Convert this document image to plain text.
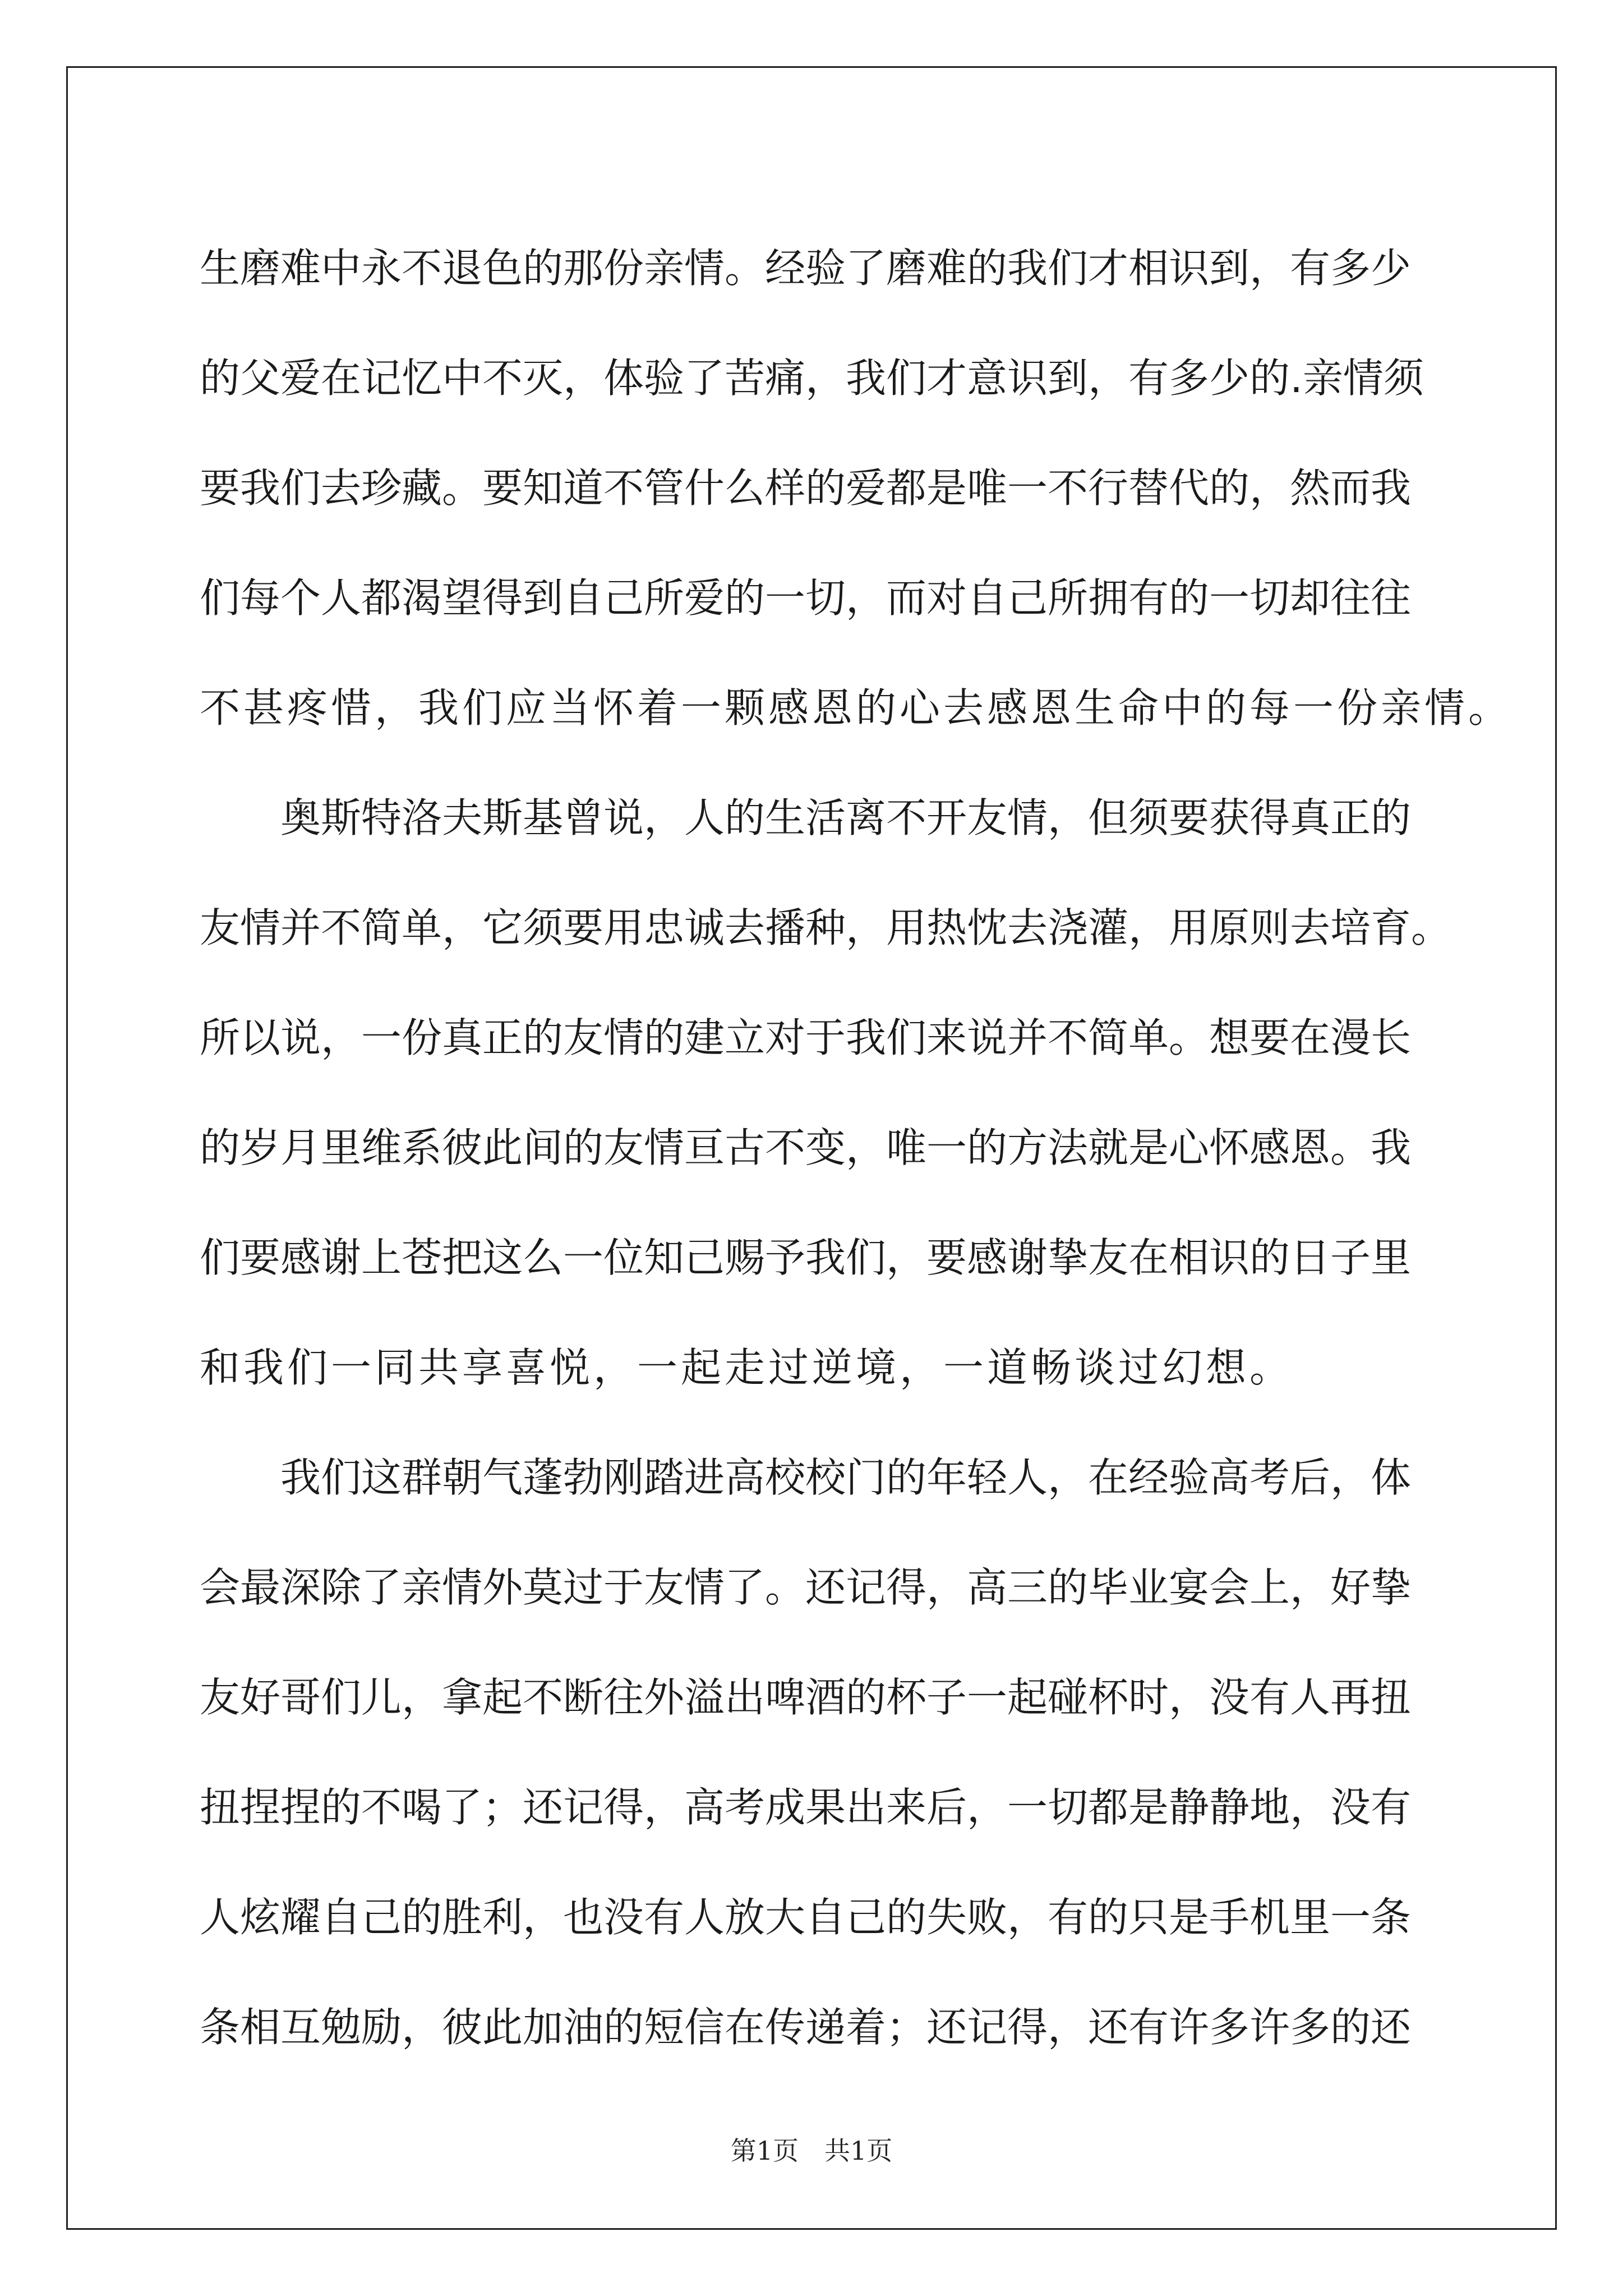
生磨难中永不退色的那份亲情。经验了磨难的我们才相识到，有多少
的父爱在记忆中不灭，体验了苦痛，我们才意识到，有多少的.亲情须
要我们去珍藏。要知道不管什么样的爱都是唯一不行替代的，然而我
们每个人都渴望得到自己所爱的一切，而对自己所拥有的一切却往往
不甚疼惜，我们应当怀着一颗感恩的心去感恩生命中的每一份亲情。
奥斯特洛夫斯基曾说，人的生活离不开友情，但须要获得真正的
友情并不简单，它须要用忠诚去播种，用热忱去浇灌，用原则去培育。
所以说，一份真正的友情的建立对于我们来说并不简单。想要在漫长
的岁月里维系彼此间的友情亘古不变，唯一的方法就是心怀感恩。我
们要感谢上苍把这么一位知己赐予我们，要感谢挚友在相识的日子里
和我们一同共享喜悦，一起走过逆境，一道畅谈过幻想。
我们这群朝气蓬勃刚踏进高校校门的年轻人，在经验高考后，体
会最深除了亲情外莫过于友情了。还记得，高三的毕业宴会上，好挚
友好哥们儿，拿起不断往外溢出啤酒的杯子一起碰杯时，没有人再扭
扭捏捏的不喝了；还记得，高考成果出来后，一切都是静静地，没有
人炫耀自己的胜利，也没有人放大自己的失败，有的只是手机里一条
条相互勉励，彼此加油的短信在传递着；还记得，还有许多许多的还
第1页 共1页
